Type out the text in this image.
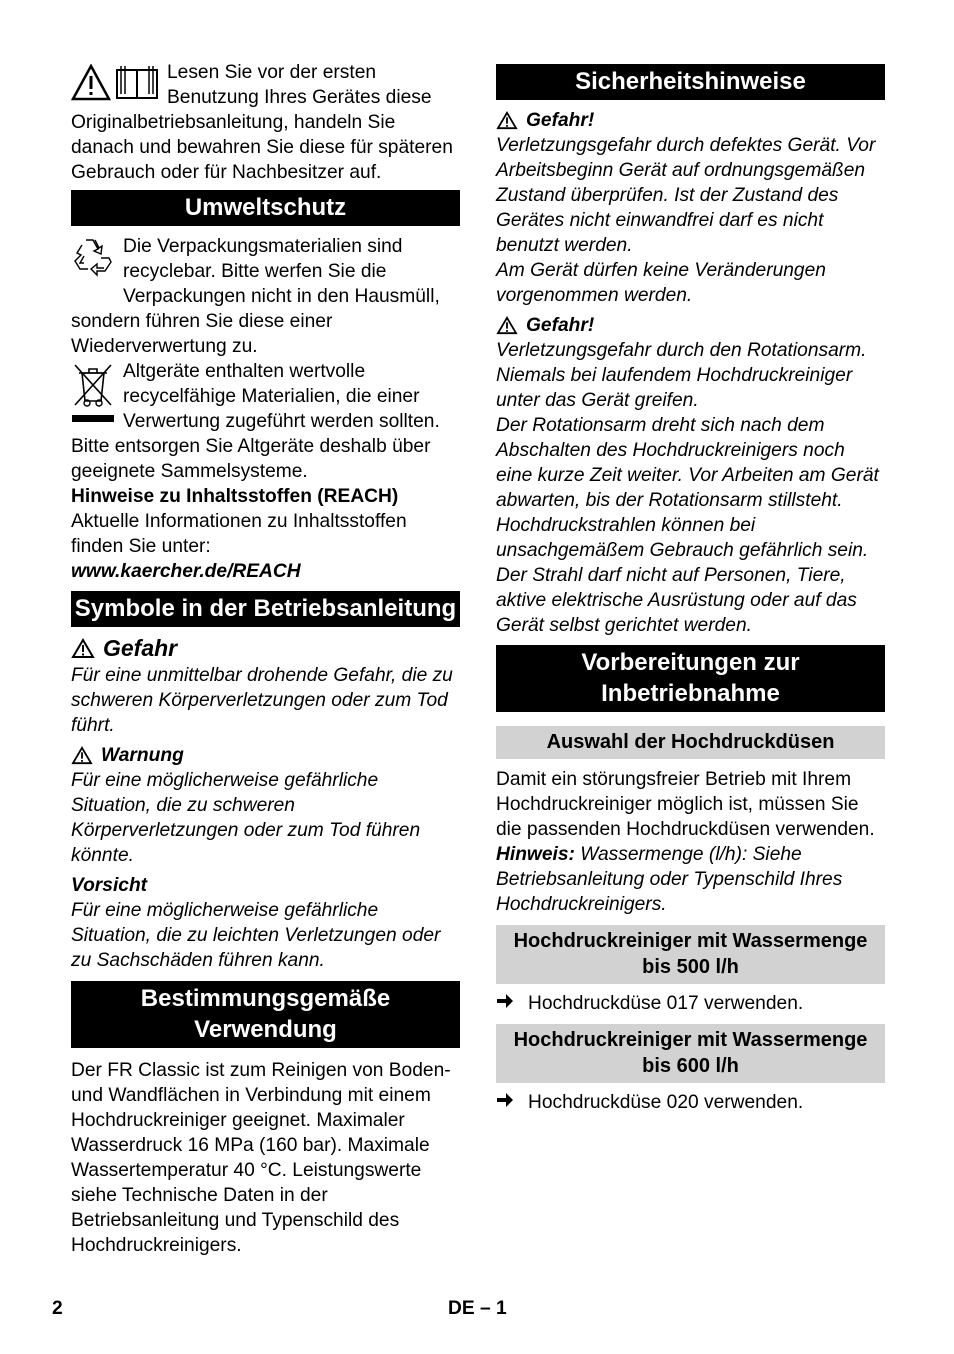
Lesen Sie vor der ersten Benutzung Ihres Gerätes diese Originalbetriebsanleitung, handeln Sie danach und bewahren Sie diese für späteren Gebrauch oder für Nachbesitzer auf.

Umweltschutz

Die Verpackungsmaterialien sind recyclebar. Bitte werfen Sie die Verpackungen nicht in den Hausmüll, sondern führen Sie diese einer Wiederverwertung zu.

Altgeräte enthalten wertvolle recycelfähige Materialien, die einer Verwertung zugeführt werden sollten. Bitte entsorgen Sie Altgeräte deshalb über geeignete Sammelsysteme.

Hinweise zu Inhaltsstoffen (REACH)

Aktuelle Informationen zu Inhaltsstoffen finden Sie unter:

www.kaercher.de/REACH

Symbole in der Betriebsanleitung
Gefahr

Für eine unmittelbar drohende Gefahr, die zu schweren Körperverletzungen oder zum Tod führt.

Warnung

Für eine möglicherweise gefährliche Situation, die zu schweren Körperverletzungen oder zum Tod führen könnte.

Vorsicht

Für eine möglicherweise gefährliche Situation, die zu leichten Verletzungen oder zu Sachschäden führen kann.

Bestimmungsgemäße Verwendung

Der FR Classic ist zum Reinigen von Boden- und Wandflächen in Verbindung mit einem Hochdruckreiniger geeignet. Maximaler Wasserdruck 16 MPa (160 bar). Maximale Wassertemperatur 40 °C. Leistungswerte siehe Technische Daten in der Betriebsanleitung und Typenschild des Hochdruckreinigers.

Sicherheitshinweise
Gefahr!

Verletzungsgefahr durch defektes Gerät. Vor Arbeitsbeginn Gerät auf ordnungsgemäßen Zustand überprüfen. Ist der Zustand des Gerätes nicht einwandfrei darf es nicht benutzt werden.

Am Gerät dürfen keine Veränderungen vorgenommen werden.

Gefahr!

Verletzungsgefahr durch den Rotationsarm. Niemals bei laufendem Hochdruckreiniger unter das Gerät greifen.

Der Rotationsarm dreht sich nach dem Abschalten des Hochdruckreinigers noch eine kurze Zeit weiter. Vor Arbeiten am Gerät abwarten, bis der Rotationsarm stillsteht.

Hochdruckstrahlen können bei unsachgemäßem Gebrauch gefährlich sein. Der Strahl darf nicht auf Personen, Tiere, aktive elektrische Ausrüstung oder auf das Gerät selbst gerichtet werden.

Vorbereitungen zur Inbetriebnahme
Auswahl der Hochdruckdüsen

Damit ein störungsfreier Betrieb mit Ihrem Hochdruckreiniger möglich ist, müssen Sie die passenden Hochdruckdüsen verwenden.

Hinweis: Wassermenge (l/h): Siehe Betriebsanleitung oder Typenschild Ihres Hochdruckreinigers.

Hochdruckreiniger mit Wassermenge bis 500 l/h
Hochdruckdüse 017 verwenden.
Hochdruckreiniger mit Wassermenge bis 600 l/h
Hochdruckdüse 020 verwenden.
2	DE – 1
